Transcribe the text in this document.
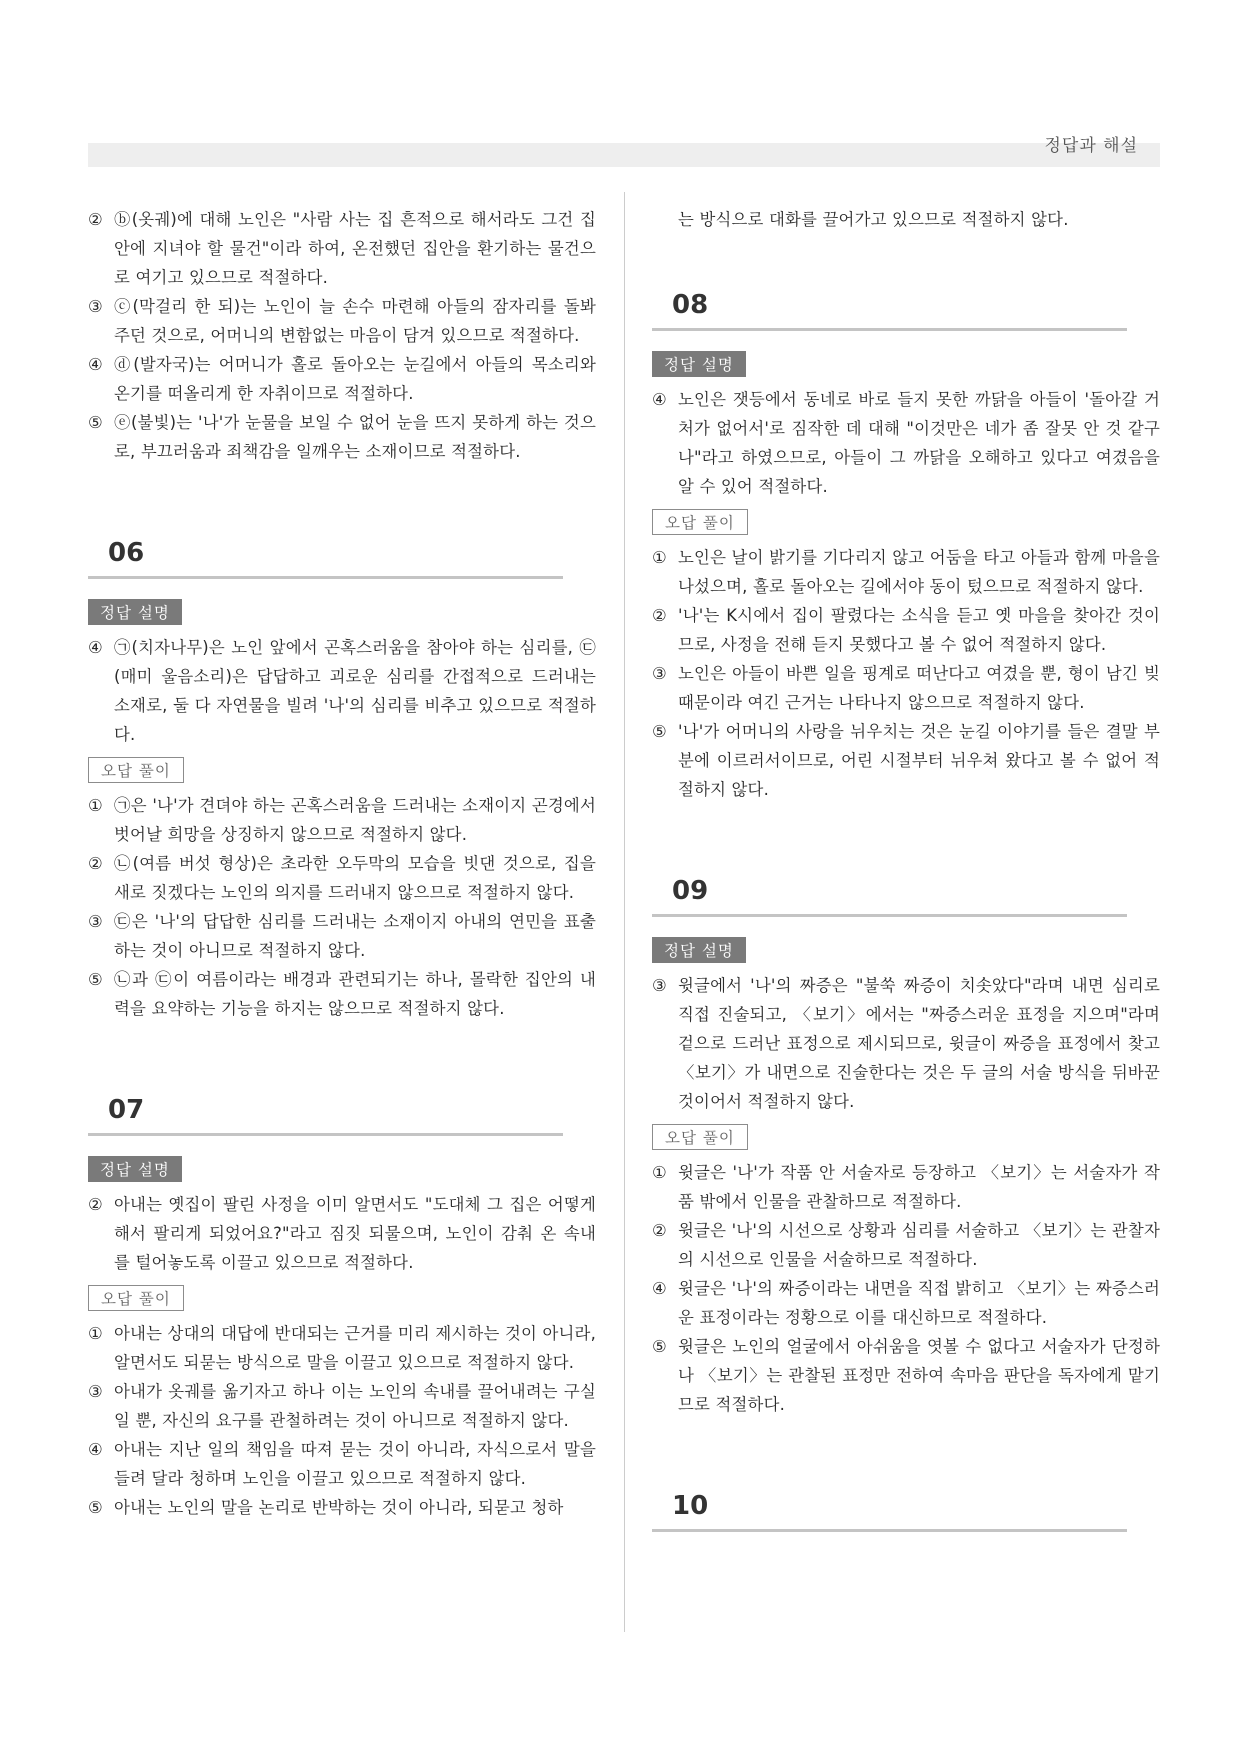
정답과 해설
② ⓑ(옷궤)에 대해 노인은 "사람 사는 집 흔적으로 해서라도 그건 집안에 지녀야 할 물건"이라 하여, 온전했던 집안을 환기하는 물건으로 여기고 있으므로 적절하다.
③ ⓒ(막걸리 한 되)는 노인이 늘 손수 마련해 아들의 잠자리를 돌봐 주던 것으로, 어머니의 변함없는 마음이 담겨 있으므로 적절하다.
④ ⓓ(발자국)는 어머니가 홀로 돌아오는 눈길에서 아들의 목소리와 온기를 떠올리게 한 자취이므로 적절하다.
⑤ ⓔ(불빛)는 '나'가 눈물을 보일 수 없어 눈을 뜨지 못하게 하는 것으로, 부끄러움과 죄책감을 일깨우는 소재이므로 적절하다.
06
정답 설명
④ ㉠(치자나무)은 노인 앞에서 곤혹스러움을 참아야 하는 심리를, ㉢(매미 울음소리)은 답답하고 괴로운 심리를 간접적으로 드러내는 소재로, 둘 다 자연물을 빌려 '나'의 심리를 비추고 있으므로 적절하다.
오답 풀이
① ㉠은 '나'가 견뎌야 하는 곤혹스러움을 드러내는 소재이지 곤경에서 벗어날 희망을 상징하지 않으므로 적절하지 않다.
② ㉡(여름 버섯 형상)은 초라한 오두막의 모습을 빗댄 것으로, 집을 새로 짓겠다는 노인의 의지를 드러내지 않으므로 적절하지 않다.
③ ㉢은 '나'의 답답한 심리를 드러내는 소재이지 아내의 연민을 표출하는 것이 아니므로 적절하지 않다.
⑤ ㉡과 ㉢이 여름이라는 배경과 관련되기는 하나, 몰락한 집안의 내력을 요약하는 기능을 하지는 않으므로 적절하지 않다.
07
정답 설명
② 아내는 옛집이 팔린 사정을 이미 알면서도 "도대체 그 집은 어떻게 해서 팔리게 되었어요?"라고 짐짓 되물으며, 노인이 감춰 온 속내를 털어놓도록 이끌고 있으므로 적절하다.
오답 풀이
① 아내는 상대의 대답에 반대되는 근거를 미리 제시하는 것이 아니라, 알면서도 되묻는 방식으로 말을 이끌고 있으므로 적절하지 않다.
③ 아내가 옷궤를 옮기자고 하나 이는 노인의 속내를 끌어내려는 구실일 뿐, 자신의 요구를 관철하려는 것이 아니므로 적절하지 않다.
④ 아내는 지난 일의 책임을 따져 묻는 것이 아니라, 자식으로서 말을 들려 달라 청하며 노인을 이끌고 있으므로 적절하지 않다.
⑤ 아내는 노인의 말을 논리로 반박하는 것이 아니라, 되묻고 청하
는 방식으로 대화를 끌어가고 있으므로 적절하지 않다.
08
정답 설명
④ 노인은 잿등에서 동네로 바로 들지 못한 까닭을 아들이 '돌아갈 거처가 없어서'로 짐작한 데 대해 "이것만은 네가 좀 잘못 안 것 같구나"라고 하였으므로, 아들이 그 까닭을 오해하고 있다고 여겼음을 알 수 있어 적절하다.
오답 풀이
① 노인은 날이 밝기를 기다리지 않고 어둠을 타고 아들과 함께 마을을 나섰으며, 홀로 돌아오는 길에서야 동이 텄으므로 적절하지 않다.
② '나'는 K시에서 집이 팔렸다는 소식을 듣고 옛 마을을 찾아간 것이므로, 사정을 전해 듣지 못했다고 볼 수 없어 적절하지 않다.
③ 노인은 아들이 바쁜 일을 핑계로 떠난다고 여겼을 뿐, 형이 남긴 빚 때문이라 여긴 근거는 나타나지 않으므로 적절하지 않다.
⑤ '나'가 어머니의 사랑을 뉘우치는 것은 눈길 이야기를 들은 결말 부분에 이르러서이므로, 어린 시절부터 뉘우쳐 왔다고 볼 수 없어 적절하지 않다.
09
정답 설명
③ 윗글에서 '나'의 짜증은 "불쑥 짜증이 치솟았다"라며 내면 심리로 직접 진술되고, 〈보기〉에서는 "짜증스러운 표정을 지으며"라며 겉으로 드러난 표정으로 제시되므로, 윗글이 짜증을 표정에서 찾고 〈보기〉가 내면으로 진술한다는 것은 두 글의 서술 방식을 뒤바꾼 것이어서 적절하지 않다.
오답 풀이
① 윗글은 '나'가 작품 안 서술자로 등장하고 〈보기〉는 서술자가 작품 밖에서 인물을 관찰하므로 적절하다.
② 윗글은 '나'의 시선으로 상황과 심리를 서술하고 〈보기〉는 관찰자의 시선으로 인물을 서술하므로 적절하다.
④ 윗글은 '나'의 짜증이라는 내면을 직접 밝히고 〈보기〉는 짜증스러운 표정이라는 정황으로 이를 대신하므로 적절하다.
⑤ 윗글은 노인의 얼굴에서 아쉬움을 엿볼 수 없다고 서술자가 단정하나 〈보기〉는 관찰된 표정만 전하여 속마음 판단을 독자에게 맡기므로 적절하다.
10
